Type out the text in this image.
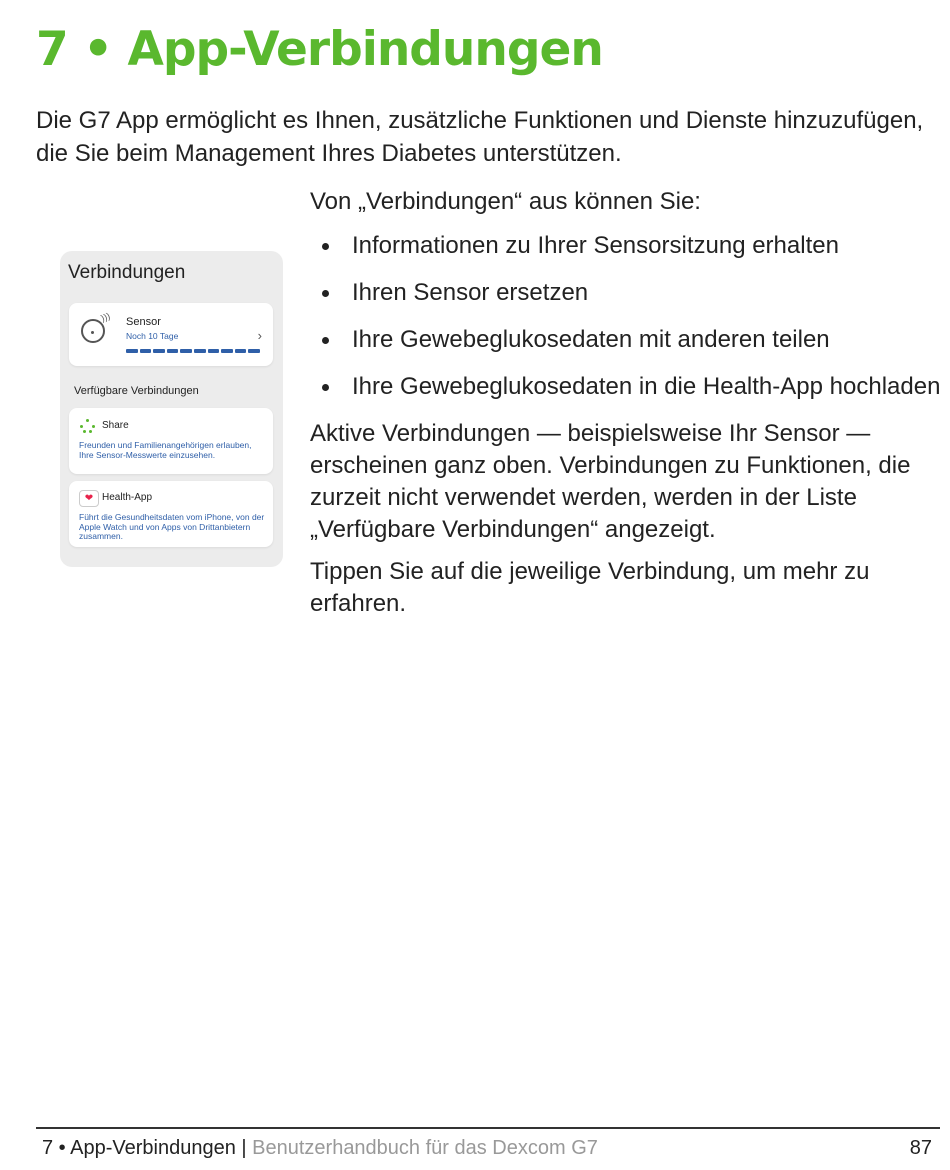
7 • App-Verbindungen

Die G7 App ermöglicht es Ihnen, zusätzliche Funktionen und Dienste hinzuzufügen, die Sie beim Management Ihres Diabetes unterstützen.

Verbindungen
))) Sensor
Noch 10 Tage	›
Verfügbare Verbindungen
Share

Freunden und Familienangehörigen erlauben, Ihre Sensor-Messwerte einzusehen.

❤ Health-App

Führt die Gesundheitsdaten vom iPhone, von der Apple Watch und von Apps von Drittanbietern zusammen.

Von „Verbindungen“ aus können Sie:

Informationen zu Ihrer Sensorsitzung erhalten
Ihren Sensor ersetzen
Ihre Gewebeglukosedaten mit anderen teilen
Ihre Gewebeglukosedaten in die Health-App hochladen

Aktive Verbindungen — beispielsweise Ihr Sensor — erscheinen ganz oben. Verbindungen zu Funktionen, die zurzeit nicht verwendet werden, werden in der Liste „Verfügbare Verbindungen“ angezeigt.

Tippen Sie auf die jeweilige Verbindung, um mehr zu erfahren.

7 • App-Verbindungen | Benutzerhandbuch für das Dexcom G7	87
